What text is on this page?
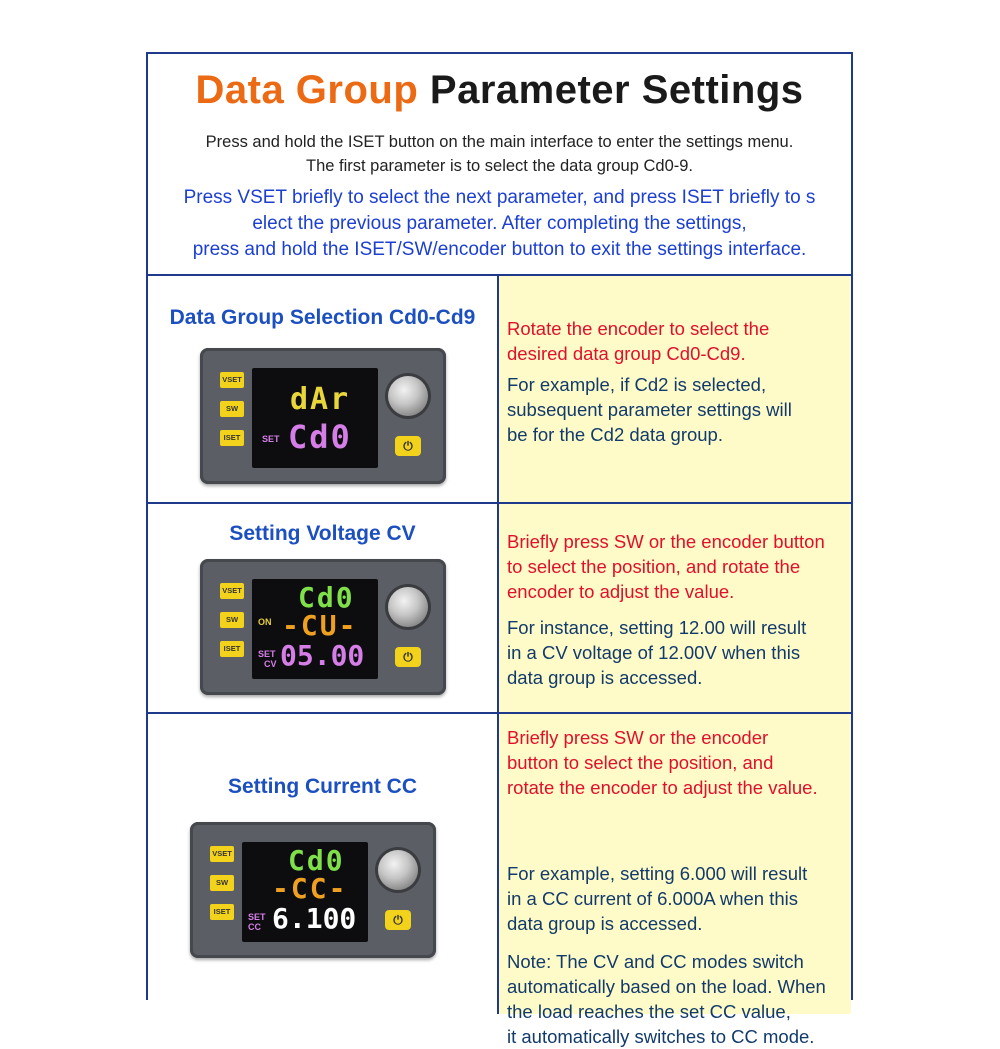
Data Group Parameter Settings
Press and hold the ISET button on the main interface to enter the settings menu.
The first parameter is to select the data group Cd0-9.
Press VSET briefly to select the next parameter, and press ISET briefly to s
elect the previous parameter. After completing the settings,
press and hold the ISET/SW/encoder button to exit the settings interface.
Data Group Selection Cd0-Cd9
VSET
SW
ISET
dAr
SET Cd0	⏻
Rotate the encoder to select the
desired data group Cd0-Cd9.
For example, if Cd2 is selected,
subsequent parameter settings will
be for the Cd2 data group.
Setting Voltage CV
VSET
SW
ISET
Cd0
ON -CU-
SET
CV 05.00	⏻
Briefly press SW or the encoder button
to select the position, and rotate the
encoder to adjust the value.
For instance, setting 12.00 will result
in a CV voltage of 12.00V when this
data group is accessed.
Setting Current CC
VSET
SW
ISET
Cd0
-CC-
SET
CC 6.100	⏻
Briefly press SW or the encoder
button to select the position, and
rotate the encoder to adjust the value.
For example, setting 6.000 will result
in a CC current of 6.000A when this
data group is accessed.
Note: The CV and CC modes switch
automatically based on the load. When
the load reaches the set CC value,
it automatically switches to CC mode.
